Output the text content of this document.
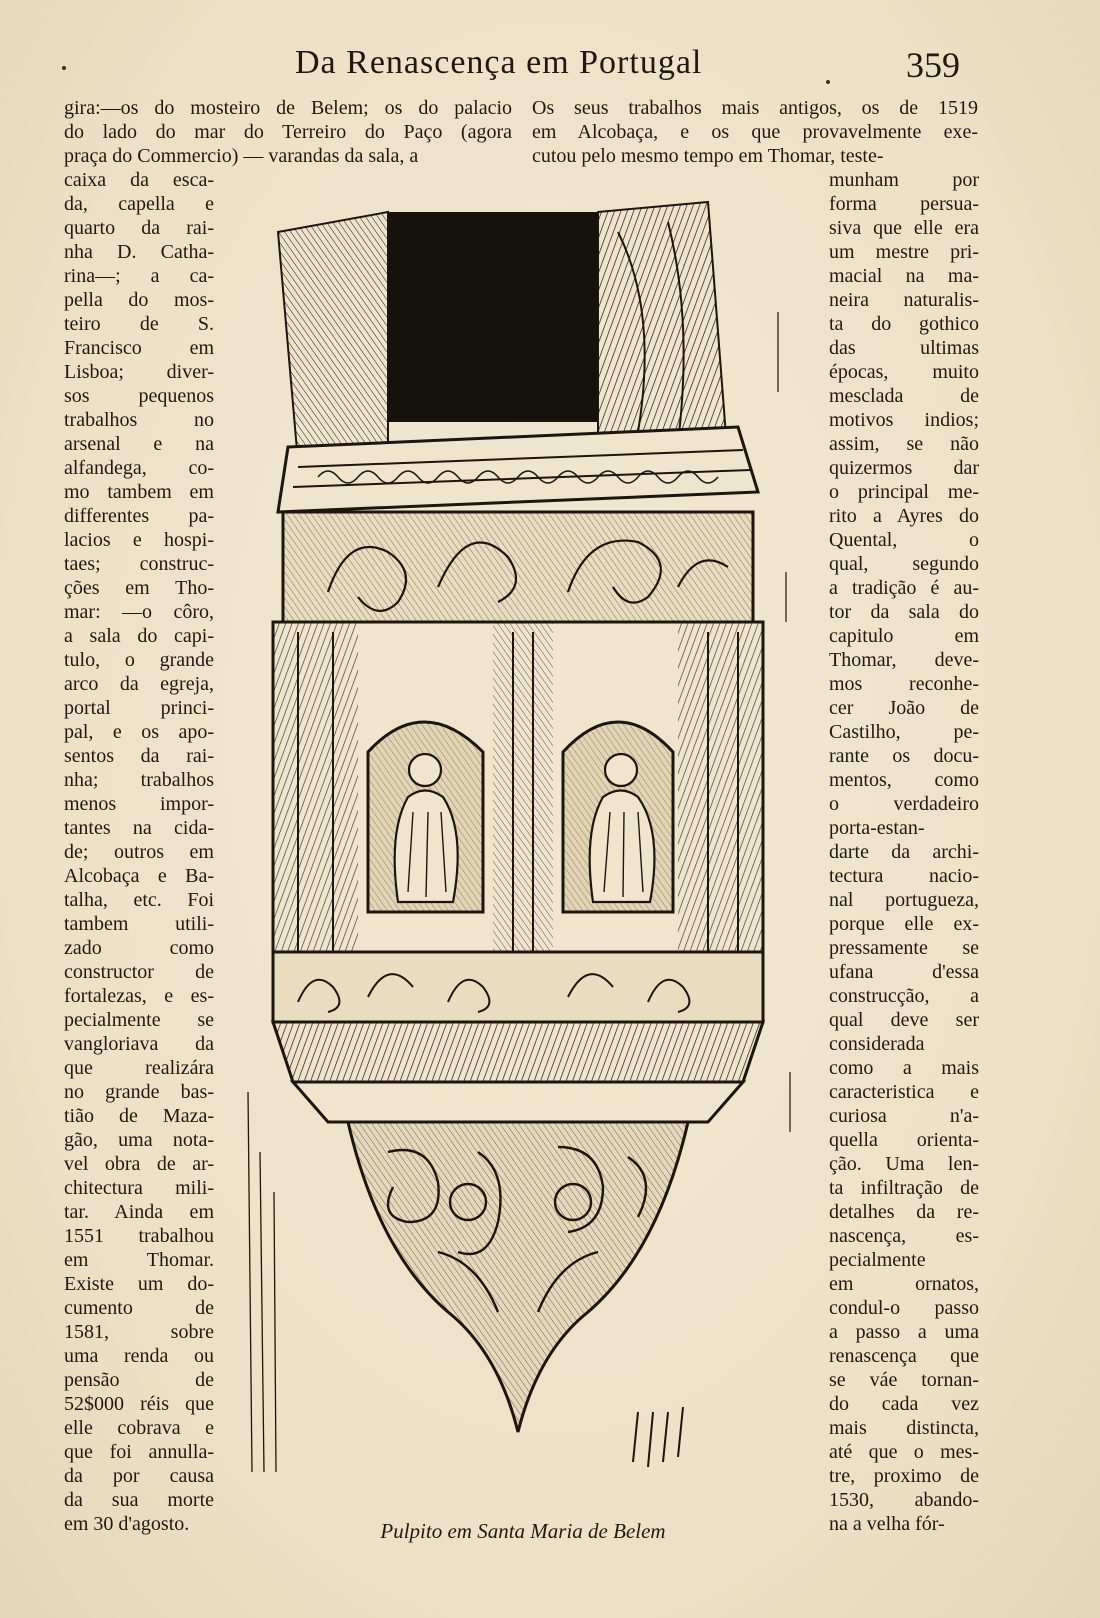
Da Renascença em Portugal	359
gira:—os do mosteiro de Belem; os do palacio
do lado do mar do Terreiro do Paço (agora
praça do Commercio) — varandas da sala, a
Os seus trabalhos mais antigos, os de 1519
em Alcobaça, e os que provavelmente exe-
cutou pelo mesmo tempo em Thomar, teste-
caixa da esca-
da, capella e
quarto da rai-
nha D. Catha-
rina—; a ca-
pella do mos-
teiro de S.
Francisco em
Lisboa; diver-
sos pequenos
trabalhos no
arsenal e na
alfandega, co-
mo tambem em
differentes pa-
lacios e hospi-
taes; construc-
ções em Tho-
mar: —o côro,
a sala do capi-
tulo, o grande
arco da egreja,
portal princi-
pal, e os apo-
sentos da rai-
nha; trabalhos
menos impor-
tantes na cida-
de; outros em
Alcobaça e Ba-
talha, etc. Foi
tambem utili-
zado como
constructor de
fortalezas, e es-
pecialmente se
vangloriava da
que realizára
no grande bas-
tião de Maza-
gão, uma nota-
vel obra de ar-
chitectura mili-
tar. Ainda em
1551 trabalhou
em Thomar.
Existe um do-
cumento de
1581, sobre
uma renda ou
pensão de
52$000 réis que
elle cobrava e
que foi annulla-
da por causa
da sua morte
em 30 d'agosto.
munham por
forma persua-
siva que elle era
um mestre pri-
macial na ma-
neira naturalis-
ta do gothico
das ultimas
épocas, muito
mesclada de
motivos indios;
assim, se não
quizermos dar
o principal me-
rito a Ayres do
Quental, o
qual, segundo
a tradição é au-
tor da sala do
capitulo em
Thomar, deve-
mos reconhe-
cer João de
Castilho, pe-
rante os docu-
mentos, como
o verdadeiro
porta-estan-
darte da archi-
tectura nacio-
nal portugueza,
porque elle ex-
pressamente se
ufana d'essa
construcção, a
qual deve ser
considerada
como a mais
caracteristica e
curiosa n'a-
quella orienta-
ção. Uma len-
ta infiltração de
detalhes da re-
nascença, es-
pecialmente
em ornatos,
condul-o passo
a passo a uma
renascença que
se váe tornan-
do cada vez
mais distincta,
até que o mes-
tre, proximo de
1530, abando-
na a velha fór-
Pulpito em Santa Maria de Belem
